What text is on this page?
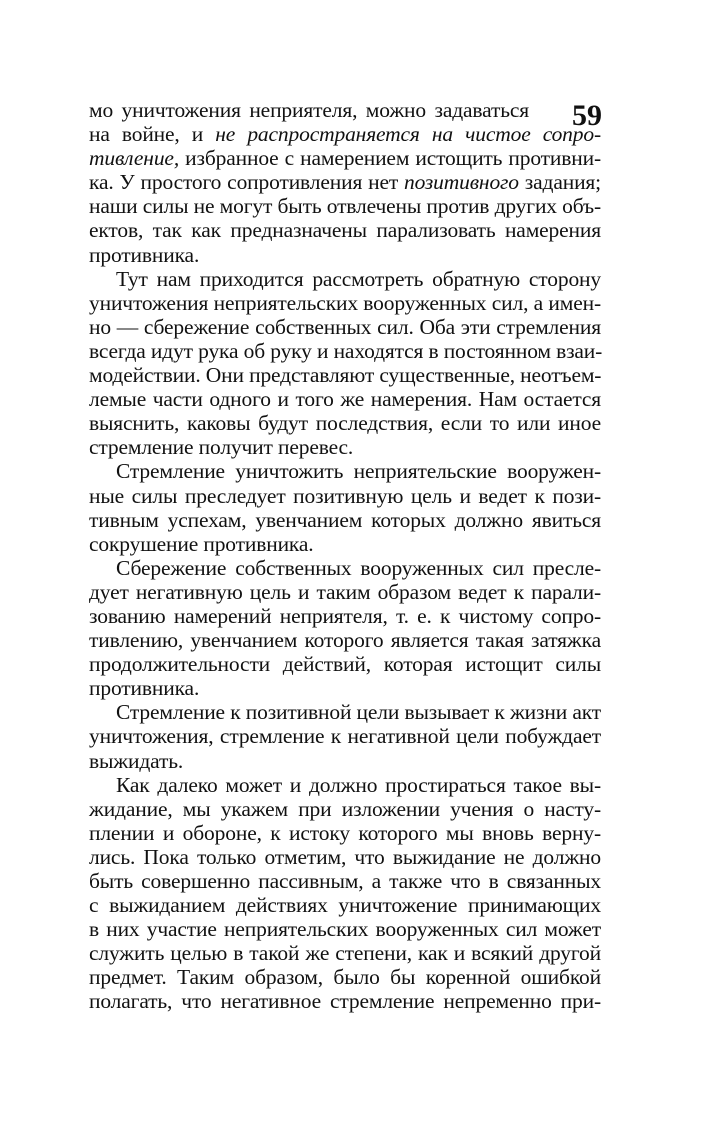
59
мо уничтожения неприятеля, можно задаваться
на войне, и не распространяется на чистое сопро-
тивление, избранное с намерением истощить противни-
ка. У простого сопротивления нет позитивного задания;
наши силы не могут быть отвлечены против других объ-
ектов, так как предназначены парализовать намерения
противника.
Тут нам приходится рассмотреть обратную сторону
уничтожения неприятельских вооруженных сил, а имен-
но — сбережение собственных сил. Оба эти стремления
всегда идут рука об руку и находятся в постоянном взаи-
модействии. Они представляют существенные, неотъем-
лемые части одного и того же намерения. Нам остается
выяснить, каковы будут последствия, если то или иное
стремление получит перевес.
Стремление уничтожить неприятельские вооружен-
ные силы преследует позитивную цель и ведет к пози-
тивным успехам, увенчанием которых должно явиться
сокрушение противника.
Сбережение собственных вооруженных сил пресле-
дует негативную цель и таким образом ведет к парали-
зованию намерений неприятеля, т. е. к чистому сопро-
тивлению, увенчанием которого является такая затяжка
продолжительности действий, которая истощит силы
противника.
Стремление к позитивной цели вызывает к жизни акт
уничтожения, стремление к негативной цели побуждает
выжидать.
Как далеко может и должно простираться такое вы-
жидание, мы укажем при изложении учения о насту-
плении и обороне, к истоку которого мы вновь верну-
лись. Пока только отметим, что выжидание не должно
быть совершенно пассивным, а также что в связанных
с выжиданием действиях уничтожение принимающих
в них участие неприятельских вооруженных сил может
служить целью в такой же степени, как и всякий другой
предмет. Таким образом, было бы коренной ошибкой
полагать, что негативное стремление непременно при-
